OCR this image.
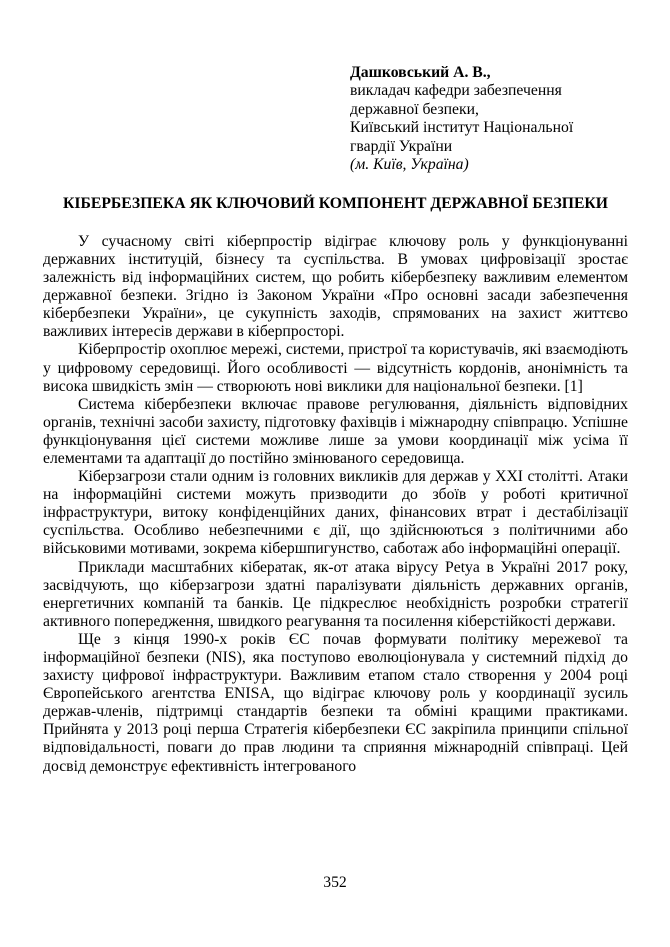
Дашковський А. В.,
викладач кафедри забезпечення
державної безпеки,
Київський інститут Національної
гвардії України
(м. Київ, Україна)
КІБЕРБЕЗПЕКА ЯК КЛЮЧОВИЙ КОМПОНЕНТ ДЕРЖАВНОЇ БЕЗПЕКИ

У сучасному світі кіберпростір відіграє ключову роль у функціонуванні державних інституцій, бізнесу та суспільства. В умовах цифровізації зростає залежність від інформаційних систем, що робить кібербезпеку важливим елементом державної безпеки. Згідно із Законом України «Про основні засади забезпечення кібербезпеки України», це сукупність заходів, спрямованих на захист життєво важливих інтересів держави в кіберпросторі.

Кіберпростір охоплює мережі, системи, пристрої та користувачів, які взаємодіють у цифровому середовищі. Його особливості — відсутність кордонів, анонімність та висока швидкість змін — створюють нові виклики для національної безпеки. [1]

Система кібербезпеки включає правове регулювання, діяльність відповідних органів, технічні засоби захисту, підготовку фахівців і міжнародну співпрацю. Успішне функціонування цієї системи можливе лише за умови координації між усіма її елементами та адаптації до постійно змінюваного середовища.

Кіберзагрози стали одним із головних викликів для держав у XXI столітті. Атаки на інформаційні системи можуть призводити до збоїв у роботі критичної інфраструктури, витоку конфіденційних даних, фінансових втрат і дестабілізації суспільства. Особливо небезпечними є дії, що здійснюються з політичними або військовими мотивами, зокрема кібершпигунство, саботаж або інформаційні операції.

Приклади масштабних кібератак, як-от атака вірусу Petya в Україні 2017 року, засвідчують, що кіберзагрози здатні паралізувати діяльність державних органів, енергетичних компаній та банків. Це підкреслює необхідність розробки стратегії активного попередження, швидкого реагування та посилення кіберстійкості держави.

Ще з кінця 1990-х років ЄС почав формувати політику мережевої та інформаційної безпеки (NIS), яка поступово еволюціонувала у системний підхід до захисту цифрової інфраструктури. Важливим етапом стало створення у 2004 році Європейського агентства ENISA, що відіграє ключову роль у координації зусиль держав-членів, підтримці стандартів безпеки та обміні кращими практиками. Прийнята у 2013 році перша Стратегія кібербезпеки ЄС закріпила принципи спільної відповідальності, поваги до прав людини та сприяння міжнародній співпраці. Цей досвід демонструє ефективність інтегрованого

352
